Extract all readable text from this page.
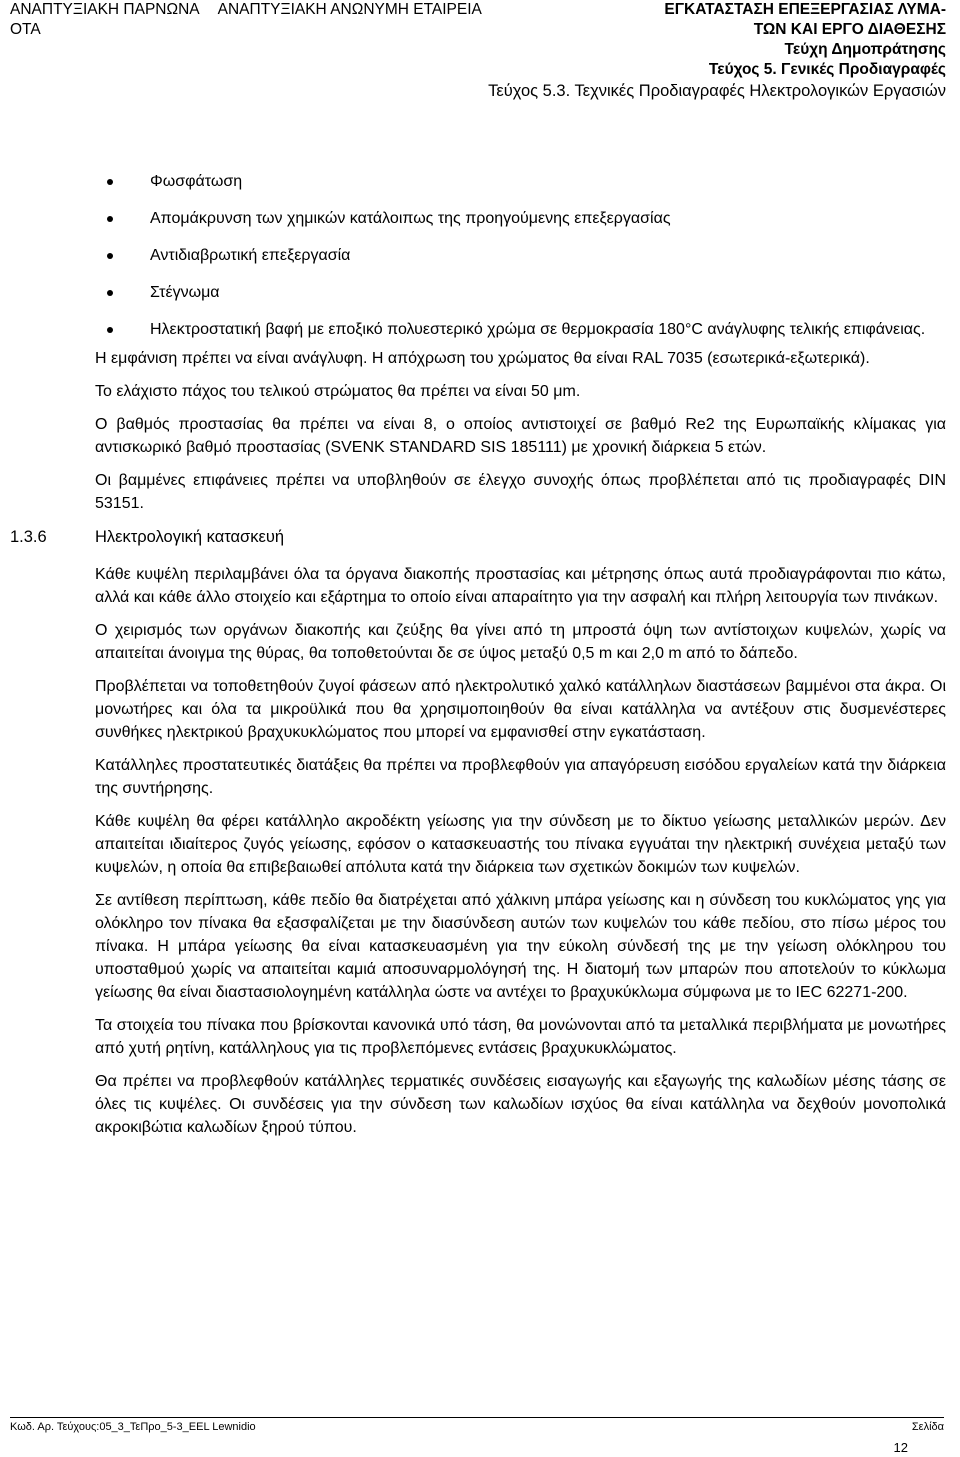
ΑΝΑΠΤΥΞΙΑΚΗ ΠΑΡΝΩΝΑ ΑΝΑΠΤΥΞΙΑΚΗ ΑΝΩΝΥΜΗ ΕΤΑΙΡΕΙΑ
ΟΤΑ
ΕΓΚΑΤΑΣΤΑΣΗ ΕΠΕΞΕΡΓΑΣΙΑΣ ΛΥΜΑ-
ΤΩΝ ΚΑΙ ΕΡΓΟ ΔΙΑΘΕΣΗΣ
Τεύχη Δημοπράτησης
Τεύχος 5. Γενικές Προδιαγραφές
Τεύχος 5.3. Τεχνικές Προδιαγραφές Ηλεκτρολογικών Εργασιών
Φωσφάτωση
Απομάκρυνση των χημικών κατάλοιπως της προηγούμενης επεξεργασίας
Αντιδιαβρωτική επεξεργασία
Στέγνωμα
Ηλεκτροστατική βαφή με εποξικό πολυεστερικό χρώμα σε θερμοκρασία 180°C ανάγλυφης τελικής επιφάνειας.

Η εμφάνιση πρέπει να είναι ανάγλυφη. Η απόχρωση του χρώματος θα είναι RAL 7035 (εσωτερικά-εξωτερικά).

Το ελάχιστο πάχος του τελικού στρώματος θα πρέπει να είναι 50 μm.

Ο βαθμός προστασίας θα πρέπει να είναι 8, ο οποίος αντιστοιχεί σε βαθμό Re2 της Ευρωπαϊκής κλίμακας για αντισκωρικό βαθμό προστασίας (SVENK STANDARD SIS 185111) με χρονική διάρκεια 5 ετών.

Οι βαμμένες επιφάνειες πρέπει να υποβληθούν σε έλεγχο συνοχής όπως προβλέπεται από τις προδιαγραφές DIN 53151.

1.3.6	Ηλεκτρολογική κατασκευή

Κάθε κυψέλη περιλαμβάνει όλα τα όργανα διακοπής προστασίας και μέτρησης όπως αυτά προδιαγράφονται πιο κάτω, αλλά και κάθε άλλο στοιχείο και εξάρτημα το οποίο είναι απαραίτητο για την ασφαλή και πλήρη λειτουργία των πινάκων.

Ο χειρισμός των οργάνων διακοπής και ζεύξης θα γίνει από τη μπροστά όψη των αντίστοιχων κυψελών, χωρίς να απαιτείται άνοιγμα της θύρας, θα τοποθετούνται δε σε ύψος μεταξύ 0,5 m και 2,0 m από το δάπεδο.

Προβλέπεται να τοποθετηθούν ζυγοί φάσεων από ηλεκτρολυτικό χαλκό κατάλληλων διαστάσεων βαμμένοι στα άκρα. Οι μονωτήρες και όλα τα μικροϋλικά που θα χρησιμοποιηθούν θα είναι κατάλληλα να αντέξουν στις δυσμενέστερες συνθήκες ηλεκτρικού βραχυκυκλώματος που μπορεί να εμφανισθεί στην εγκατάσταση.

Κατάλληλες προστατευτικές διατάξεις θα πρέπει να προβλεφθούν για απαγόρευση εισόδου εργαλείων κατά την διάρκεια της συντήρησης.

Κάθε κυψέλη θα φέρει κατάλληλο ακροδέκτη γείωσης για την σύνδεση με το δίκτυο γείωσης μεταλλικών μερών. Δεν απαιτείται ιδιαίτερος ζυγός γείωσης, εφόσον ο κατασκευαστής του πίνακα εγγυάται την ηλεκτρική συνέχεια μεταξύ των κυψελών, η οποία θα επιβεβαιωθεί απόλυτα κατά την διάρκεια των σχετικών δοκιμών των κυψελών.

Σε αντίθεση περίπτωση, κάθε πεδίο θα διατρέχεται από χάλκινη μπάρα γείωσης και η σύνδεση του κυκλώματος γης για ολόκληρο τον πίνακα θα εξασφαλίζεται με την διασύνδεση αυτών των κυψελών του κάθε πεδίου, στο πίσω μέρος του πίνακα. Η μπάρα γείωσης θα είναι κατασκευασμένη για την εύκολη σύνδεσή της με την γείωση ολόκληρου του υποσταθμού χωρίς να απαιτείται καμιά αποσυναρμολόγησή της. Η διατομή των μπαρών που αποτελούν το κύκλωμα γείωσης θα είναι διαστασιολογημένη κατάλληλα ώστε να αντέχει το βραχυκύκλωμα σύμφωνα με το IEC 62271-200.

Τα στοιχεία του πίνακα που βρίσκονται κανονικά υπό τάση, θα μονώνονται από τα μεταλλικά περιβλήματα με μονωτήρες από χυτή ρητίνη, κατάλληλους για τις προβλεπόμενες εντάσεις βραχυκυκλώματος.

Θα πρέπει να προβλεφθούν κατάλληλες τερματικές συνδέσεις εισαγωγής και εξαγωγής της καλωδίων μέσης τάσης σε όλες τις κυψέλες. Οι συνδέσεις για την σύνδεση των καλωδίων ισχύος θα είναι κατάλληλα να δεχθούν μονοπολικά ακροκιβώτια καλωδίων ξηρού τύπου.

Κωδ. Αρ. Τεύχους:05_3_ΤεΠρο_5-3_EEL Lewnidio	Σελίδα
12
